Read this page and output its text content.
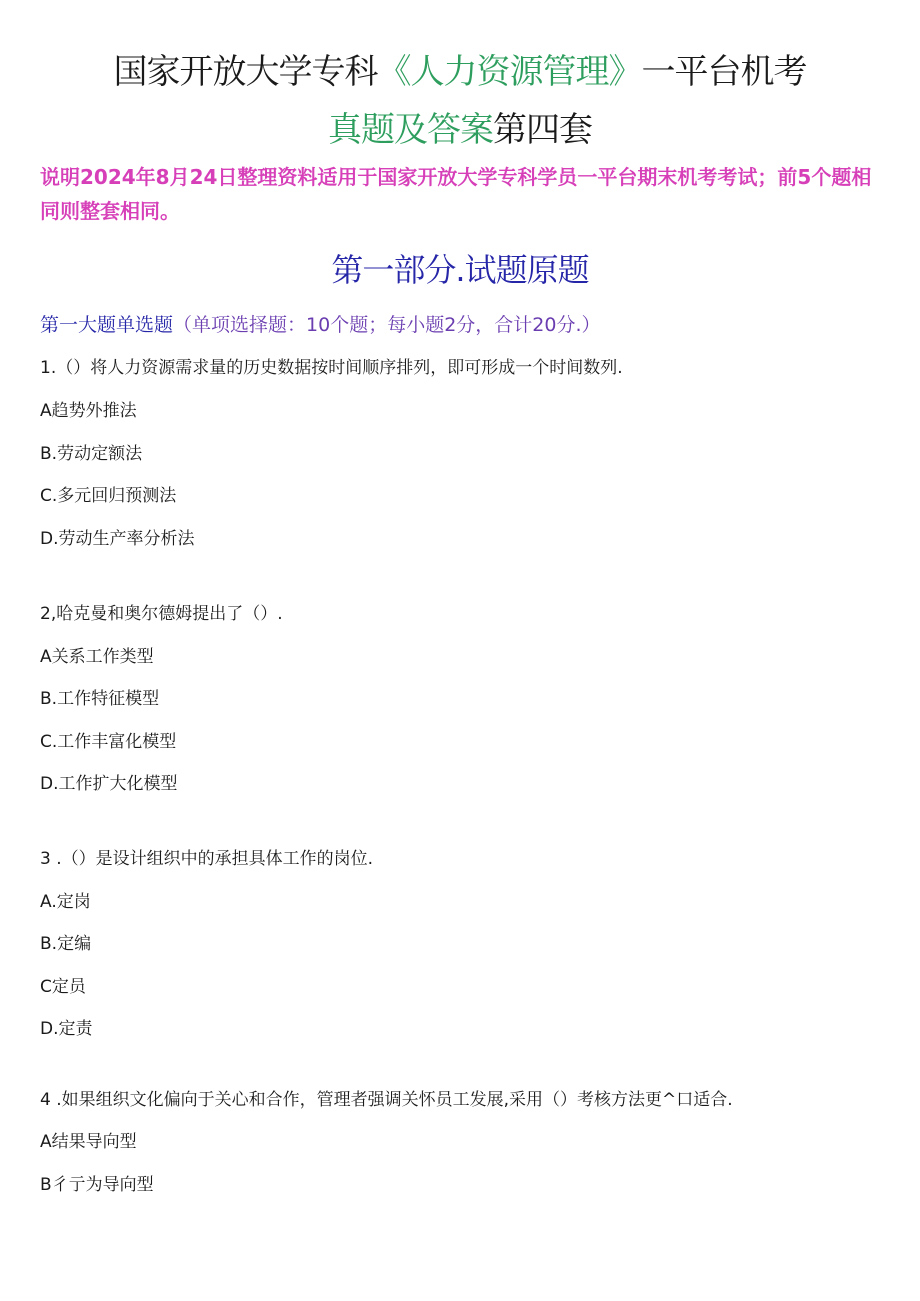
国家开放大学专科《人力资源管理》一平台机考
真题及答案第四套
说明2024年8月24日整理资料适用于国家开放大学专科学员一平台期末机考考试；前5个题相同则整套相同。
第一部分.试题原题
第一大题单选题（单项选择题：10个题；每小题2分，合计20分.）
1.（）将人力资源需求量的历史数据按时间顺序排列，即可形成一个时间数列.
A趋势外推法
B.劳动定额法
C.多元回归预测法
D.劳动生产率分析法
2,哈克曼和奥尔德姆提出了（）.
A关系工作类型
B.工作特征模型
C.工作丰富化模型
D.工作扩大化模型
3 .（）是设计组织中的承担具体工作的岗位.
A.定岗
B.定编
C定员
D.定责
4 .如果组织文化偏向于关心和合作，管理者强调关怀员工发展,采用（）考核方法更^口适合.
A结果导向型
B彳亍为导向型
